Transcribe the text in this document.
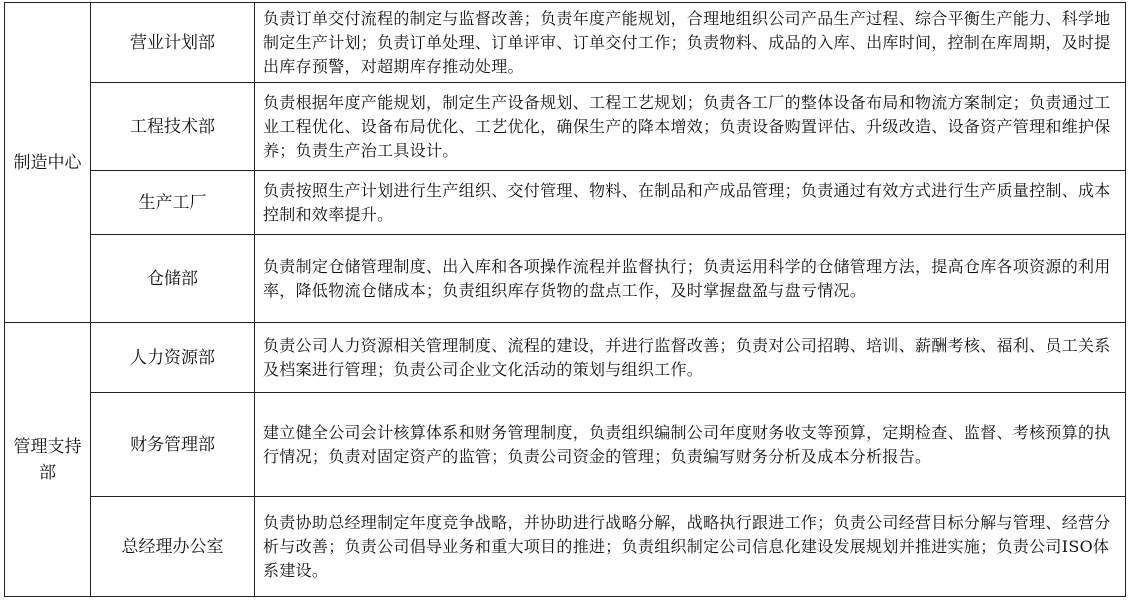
制造中心	营业计划部	负责订单交付流程的制定与监督改善；负责年度产能规划，合理地组织公司产品生产过程、综合平衡生产能力、科学地制定生产计划；负责订单处理、订单评审、订单交付工作；负责物料、成品的入库、出库时间，控制在库周期，及时提出库存预警，对超期库存推动处理。
	工程技术部	负责根据年度产能规划，制定生产设备规划、工程工艺规划；负责各工厂的整体设备布局和物流方案制定；负责通过工业工程优化、设备布局优化、工艺优化，确保生产的降本增效；负责设备购置评估、升级改造、设备资产管理和维护保养；负责生产治工具设计。
	生产工厂	负责按照生产计划进行生产组织、交付管理、物料、在制品和产成品管理；负责通过有效方式进行生产质量控制、成本控制和效率提升。
	仓储部	负责制定仓储管理制度、出入库和各项操作流程并监督执行；负责运用科学的仓储管理方法，提高仓库各项资源的利用率，降低物流仓储成本；负责组织库存货物的盘点工作，及时掌握盘盈与盘亏情况。
管理支持部	人力资源部	负责公司人力资源相关管理制度、流程的建设，并进行监督改善；负责对公司招聘、培训、薪酬考核、福利、员工关系及档案进行管理；负责公司企业文化活动的策划与组织工作。
	财务管理部	建立健全公司会计核算体系和财务管理制度，负责组织编制公司年度财务收支等预算，定期检查、监督、考核预算的执行情况；负责对固定资产的监管；负责公司资金的管理；负责编写财务分析及成本分析报告。
	总经理办公室	负责协助总经理制定年度竞争战略，并协助进行战略分解，战略执行跟进工作；负责公司经营目标分解与管理、经营分析与改善；负责公司倡导业务和重大项目的推进；负责组织制定公司信息化建设发展规划并推进实施；负责公司ISO体系建设。
